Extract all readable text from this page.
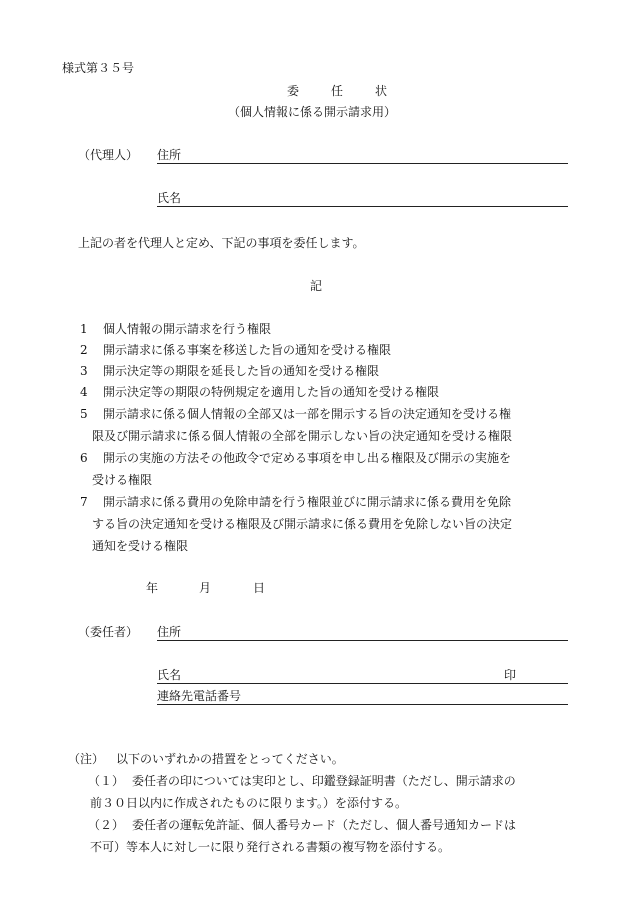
様式第３５号
委　任　状
（個人情報に係る開示請求用）
（代理人） 住所
氏名
上記の者を代理人と定め、下記の事項を委任します。
記
1 個人情報の開示請求を行う権限
2 開示請求に係る事案を移送した旨の通知を受ける権限
3 開示決定等の期限を延長した旨の通知を受ける権限
4 開示決定等の期限の特例規定を適用した旨の通知を受ける権限
5 開示請求に係る個人情報の全部又は一部を開示する旨の決定通知を受ける権
限及び開示請求に係る個人情報の全部を開示しない旨の決定通知を受ける権限
6 開示の実施の方法その他政令で定める事項を申し出る権限及び開示の実施を
受ける権限
7 開示請求に係る費用の免除申請を行う権限並びに開示請求に係る費用を免除
する旨の決定通知を受ける権限及び開示請求に係る費用を免除しない旨の決定
通知を受ける権限
年	月	日
（委任者） 住所
氏名	印
連絡先電話番号
（注） 以下のいずれかの措置をとってください。
（１） 委任者の印については実印とし、印鑑登録証明書（ただし、開示請求の
前３０日以内に作成されたものに限ります。）を添付する。
（２） 委任者の運転免許証、個人番号カード（ただし、個人番号通知カードは
不可）等本人に対し一に限り発行される書類の複写物を添付する。
